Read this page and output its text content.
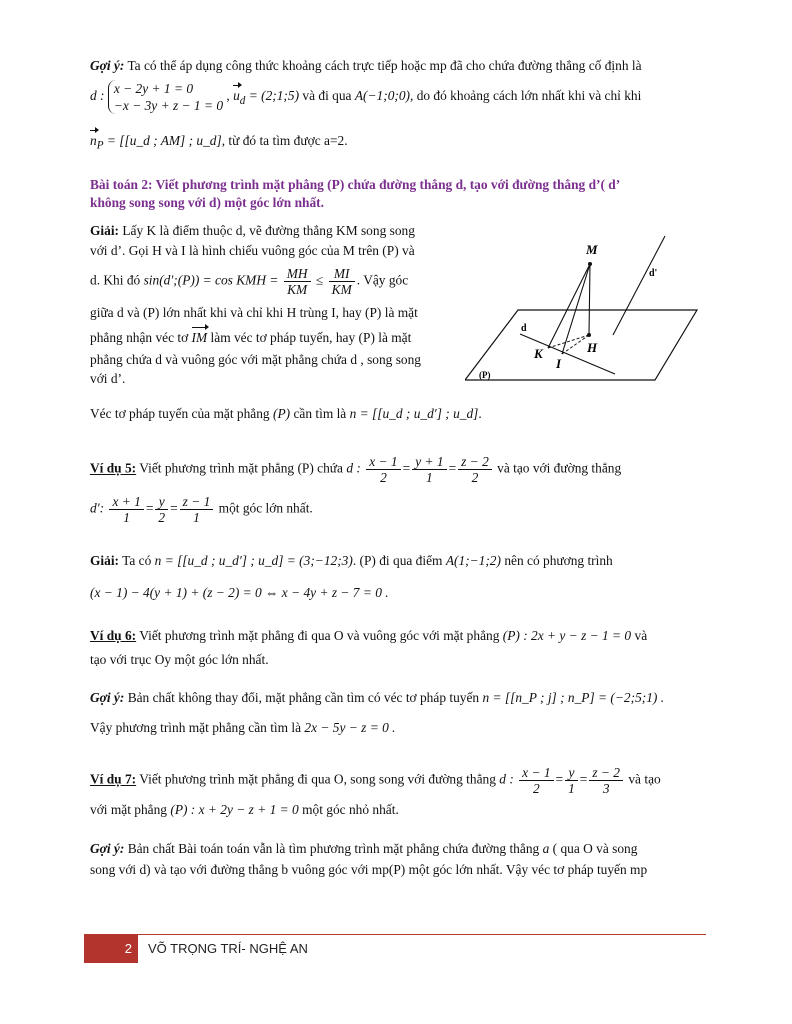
Gợi ý: Ta có thể áp dụng công thức khoảng cách trực tiếp hoặc mp đã cho chứa đường thẳng cố định là
d : x − 2y + 1 = 0
−x − 3y + z − 1 = 0 , $u_d$ = (2;1;5) và đi qua A(−1;0;0), do đó khoảng cách lớn nhất khi và chỉ khi
$n_P$ = [[u_d ; AM] ; u_d], từ đó ta tìm được a=2.
Bài toán 2: Viết phương trình mặt phẳng (P) chứa đường thẳng d, tạo với đường thẳng d’( d’
không song song với d) một góc lớn nhất.
Giải: Lấy K là điểm thuộc d, vẽ đường thẳng KM song song
với d’. Gọi H và I là hình chiếu vuông góc của M trên (P) và
d. Khi đó sin(d′;(P)) = cos KMH = $\frac{MH}{KM} \le \frac{MI}{KM}$ . Vậy góc
giữa d và (P) lớn nhất khi và chỉ khi H trùng I, hay (P) là mặt
phẳng nhận véc tơ IM làm véc tơ pháp tuyến, hay (P) là mặt
phẳng chứa d và vuông góc với mặt phẳng chứa d , song song
với d’.
Véc tơ pháp tuyến của mặt phẳng (P) cần tìm là n = [[u_d ; u_d′] ; u_d].
Ví dụ 5: Viết phương trình mặt phẳng (P) chứa d : $\frac{x - 1}{2} = \frac{y + 1}{1} = \frac{z - 2}{2}$ và tạo với đường thẳng
d′: $\frac{x + 1}{1} = \frac{y}{2} = \frac{z - 1}{1}$ một góc lớn nhất.
Giải: Ta có n = [[u_d ; u_d′] ; u_d] = (3;−12;3). (P) đi qua điểm A(1;−1;2) nên có phương trình
(x − 1) − 4(y + 1) + (z − 2) = 0 ⇔ x − 4y + z − 7 = 0 .
Ví dụ 6: Viết phương trình mặt phẳng đi qua O và vuông góc với mặt phẳng (P) : 2x + y − z − 1 = 0 và
tạo với trục Oy một góc lớn nhất.
Gợi ý: Bản chất không thay đổi, mặt phẳng cần tìm có véc tơ pháp tuyến n = [[n_P ; j] ; n_P] = (−2;5;1) .
Vậy phương trình mặt phẳng cần tìm là 2x − 5y − z = 0 .
Ví dụ 7: Viết phương trình mặt phẳng đi qua O, song song với đường thẳng d : $\frac{x - 1}{2} = \frac{y}{1} = \frac{z - 2}{3}$ và tạo
với mặt phẳng (P) : x + 2y − z + 1 = 0 một góc nhỏ nhất.
Gợi ý: Bản chất Bài toán toán vẫn là tìm phương trình mặt phẳng chứa đường thẳng a ( qua O và song
song với d) và tạo với đường thẳng b vuông góc với mp(P) một góc lớn nhất. Vậy véc tơ pháp tuyến mp
M
d'
d
K	H
I
(P)
2	VÕ TRỌNG TRÍ- NGHỆ AN
